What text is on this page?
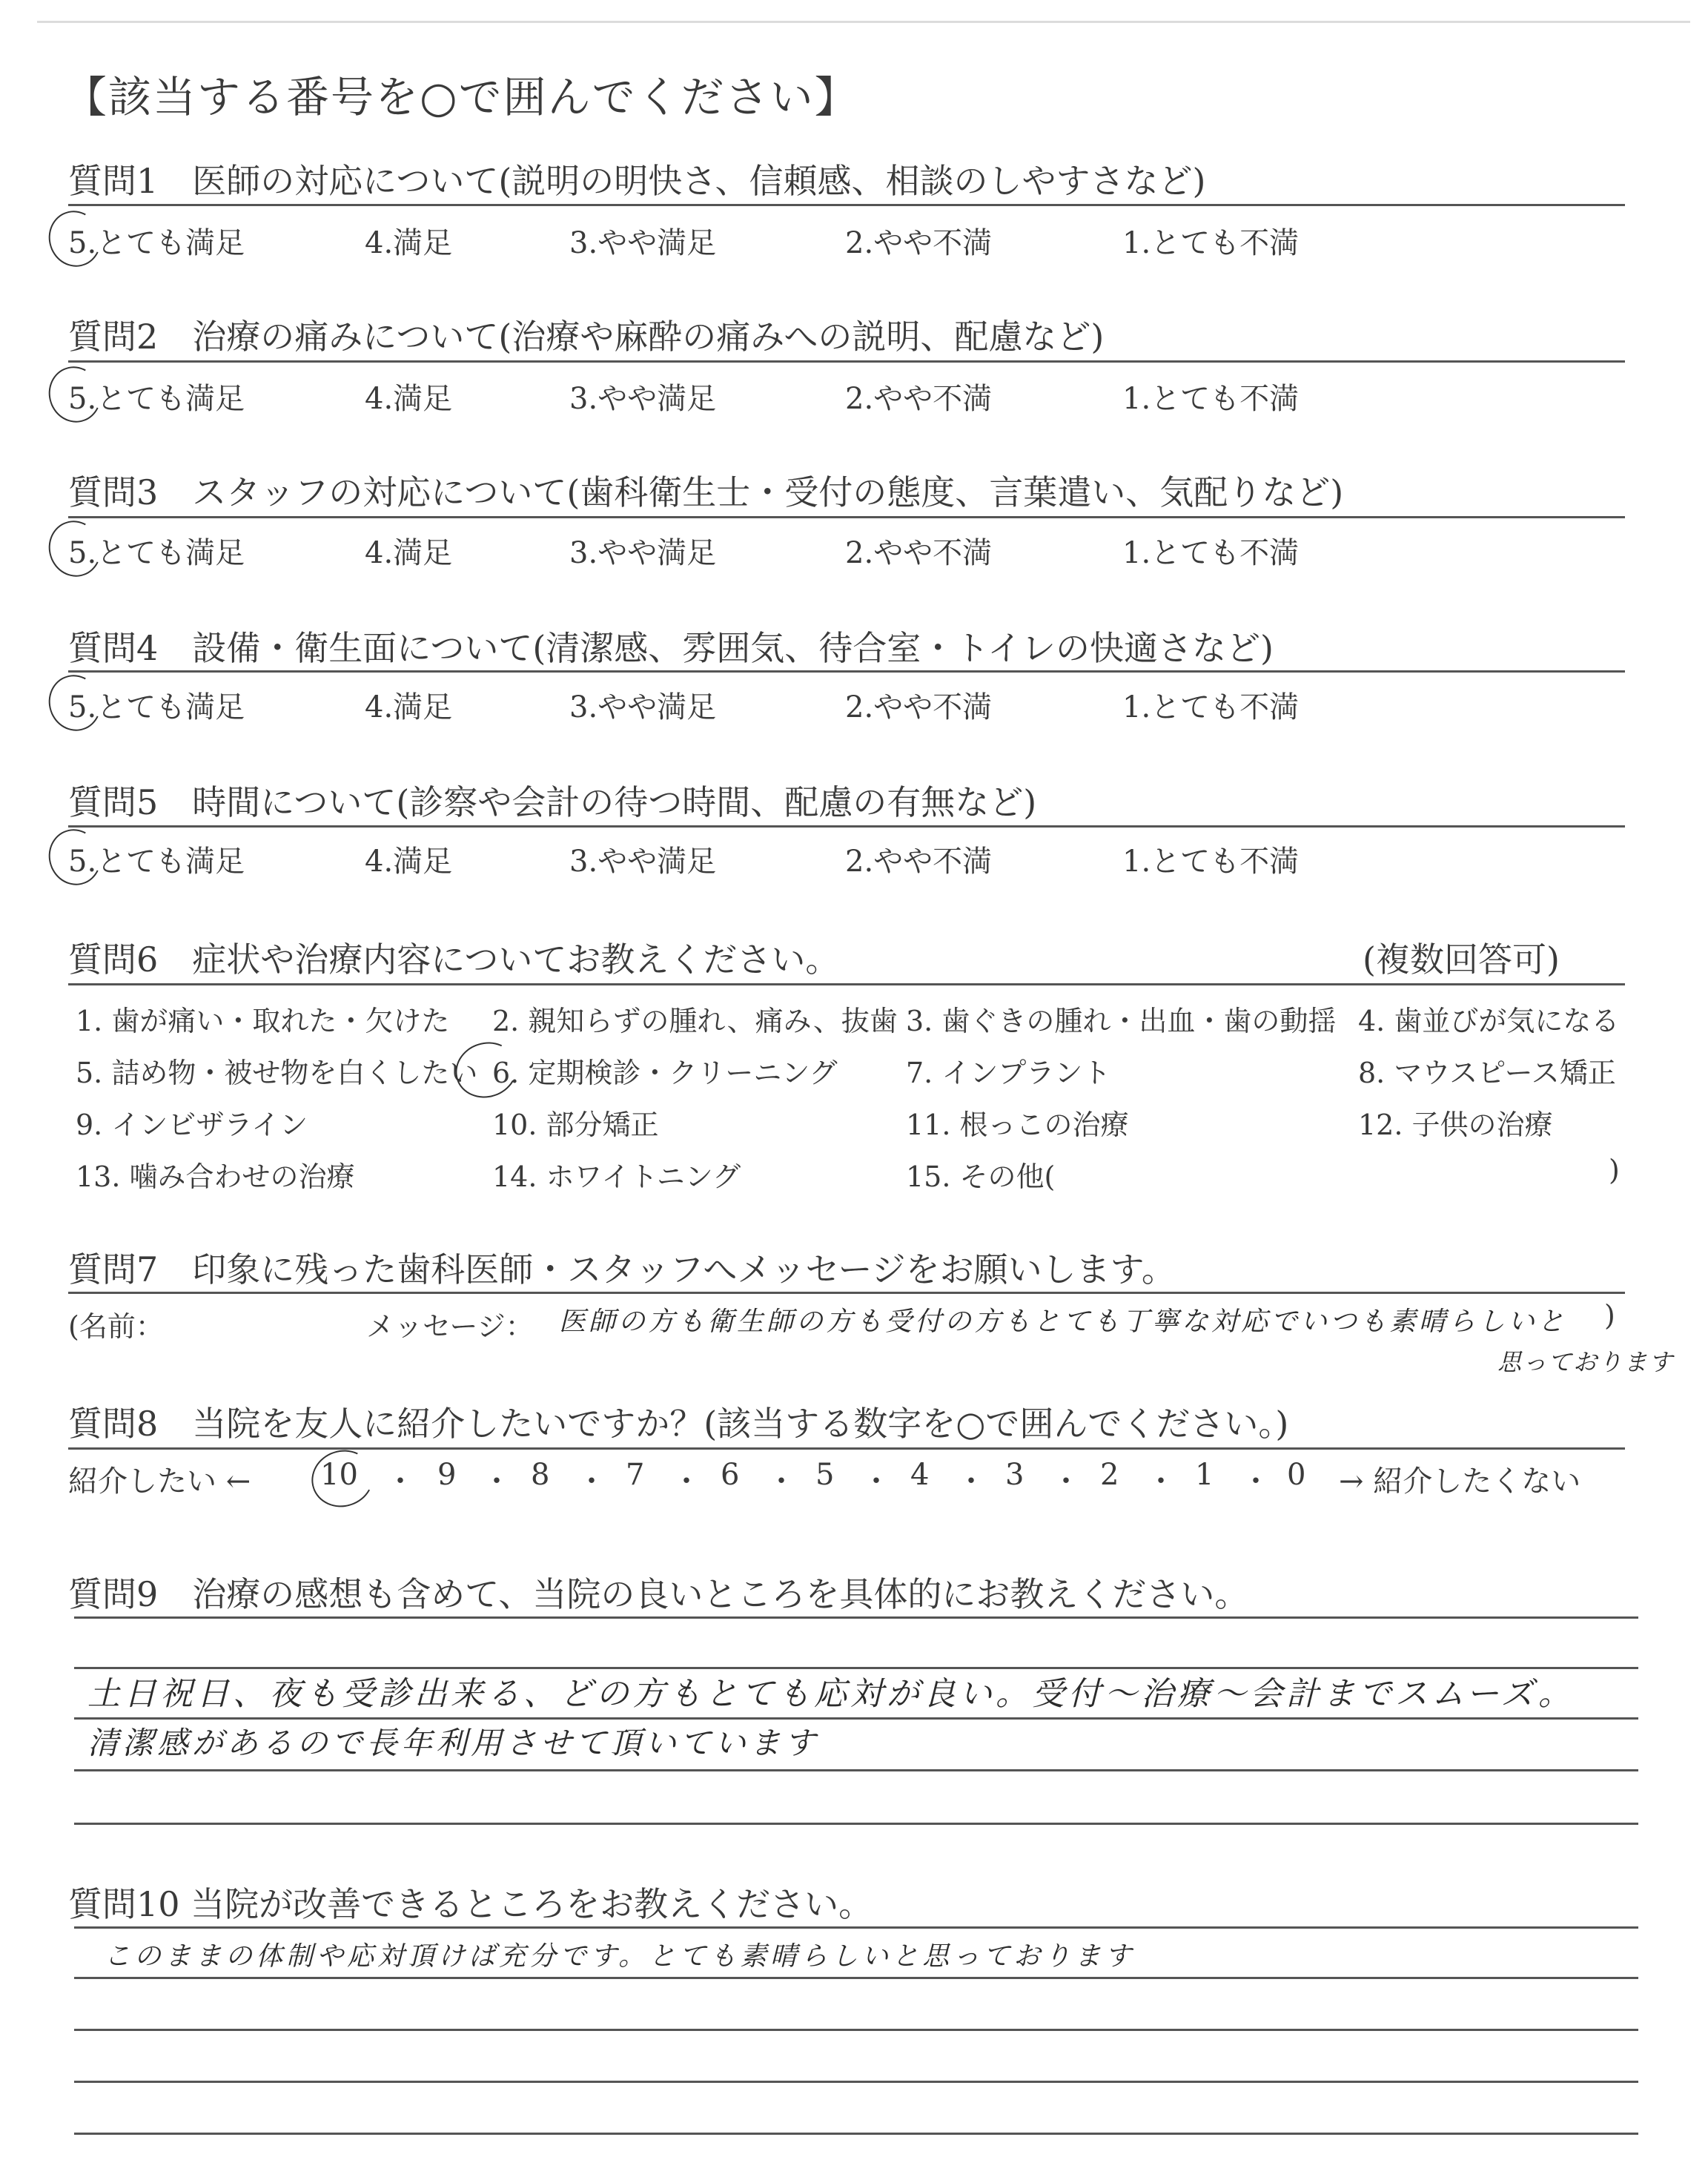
【該当する番号を○で囲んでください】
質問1　医師の対応について(説明の明快さ、信頼感、相談のしやすさなど)
5.とても満足	4.満足	3.やや満足	2.やや不満	1.とても不満
質問2　治療の痛みについて(治療や麻酔の痛みへの説明、配慮など)
5.とても満足	4.満足	3.やや満足	2.やや不満	1.とても不満
質問3　スタッフの対応について(歯科衛生士・受付の態度、言葉遣い、気配りなど)
5.とても満足	4.満足	3.やや満足	2.やや不満	1.とても不満
質問4　設備・衛生面について(清潔感、雰囲気、待合室・トイレの快適さなど)
5.とても満足	4.満足	3.やや満足	2.やや不満	1.とても不満
質問5　時間について(診察や会計の待つ時間、配慮の有無など)
5.とても満足	4.満足	3.やや満足	2.やや不満	1.とても不満
質問6　症状や治療内容についてお教えください。	(複数回答可)
1. 歯が痛い・取れた・欠けた 2. 親知らずの腫れ、痛み、抜歯 3. 歯ぐきの腫れ・出血・歯の動揺 4. 歯並びが気になる
5. 詰め物・被せ物を白くしたい 6. 定期検診・クリーニング 7. インプラント	8. マウスピース矯正
9. インビザライン	10. 部分矯正	11. 根っこの治療	12. 子供の治療
13. 噛み合わせの治療	14. ホワイトニング	15. その他(	)
質問7　印象に残った歯科医師・スタッフへメッセージをお願いします。
(名前：	メッセージ： 医師の方も衛生師の方も受付の方もとても丁寧な対応でいつも素晴らしいと )
思っております
質問8　当院を友人に紹介したいですか？(該当する数字を○で囲んでください。)
紹介したい ← 10 ・ 9 ・ 8 ・ 7 ・ 6 ・ 5 ・ 4 ・ 3 ・ 2 ・ 1 ・ 0 → 紹介したくない
質問9　治療の感想も含めて、当院の良いところを具体的にお教えください。
土日祝日、夜も受診出来る、どの方もとても応対が良い。受付～治療～会計までスムーズ。
清潔感があるので長年利用させて頂いています
質問10 当院が改善できるところをお教えください。
このままの体制や応対頂けば充分です。とても素晴らしいと思っております
